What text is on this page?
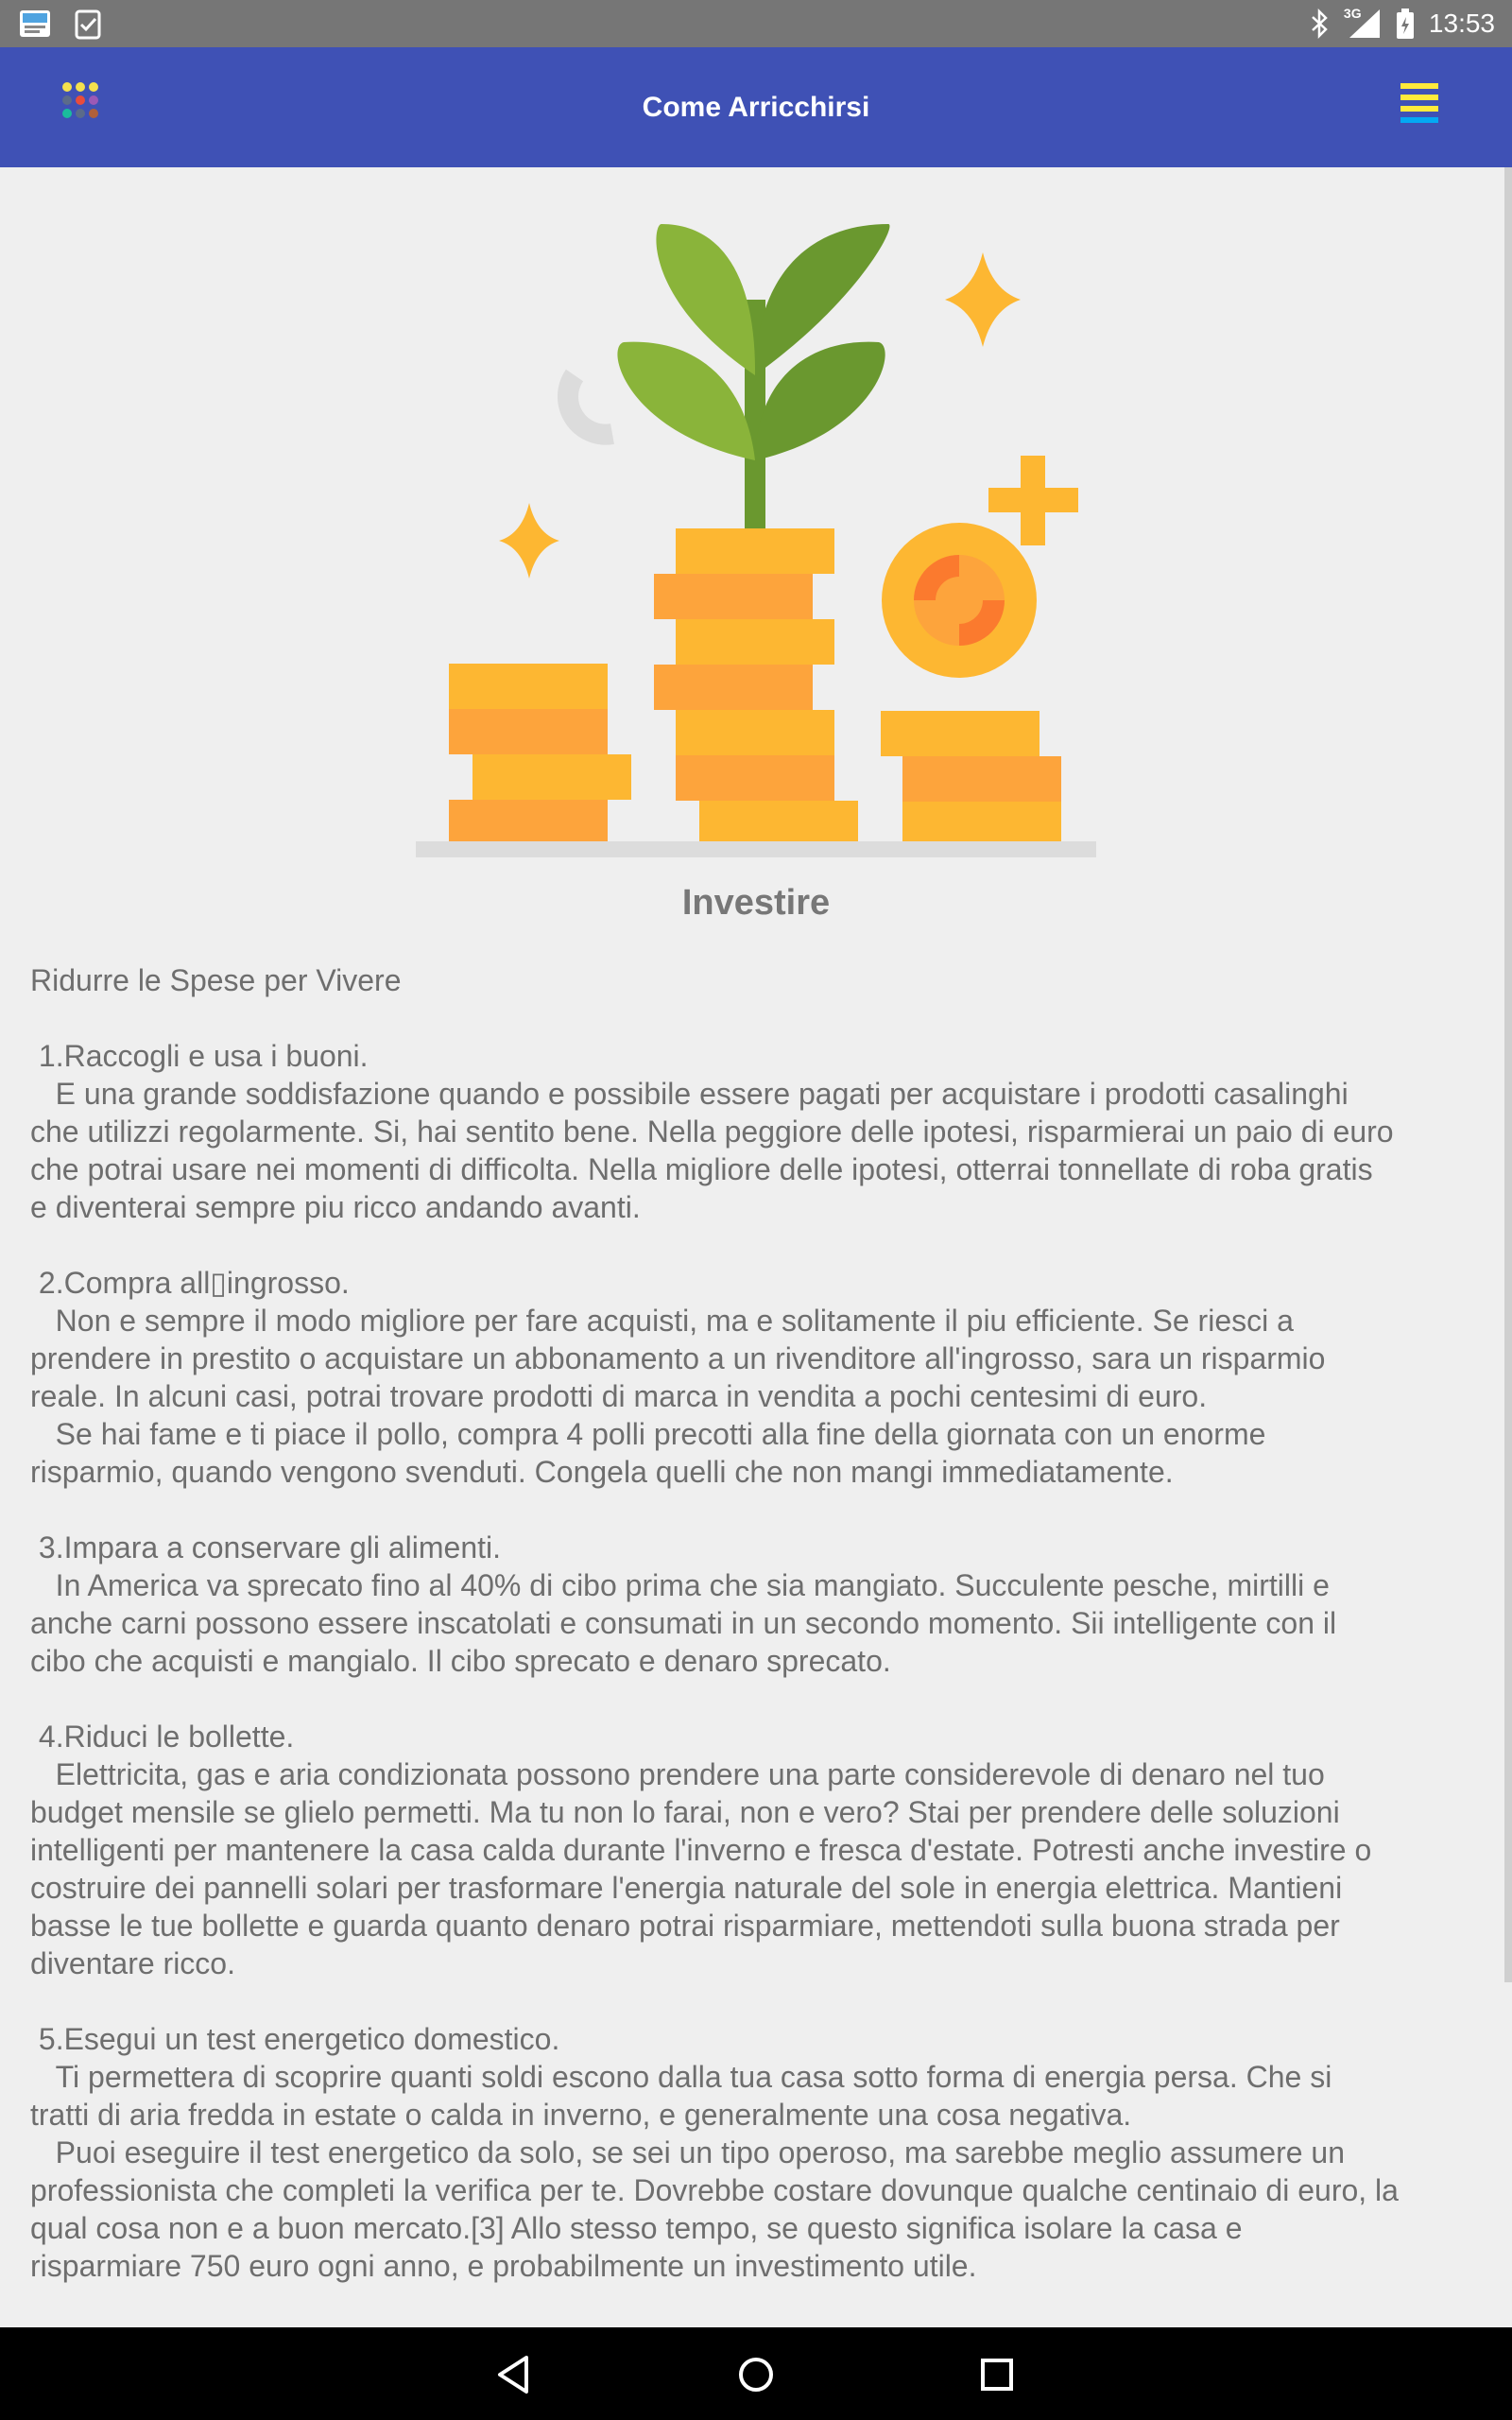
3G	13:53
Come Arricchirsi
Investire

Ridurre le Spese per Vivere

1.Raccogli e usa i buoni.
E una grande soddisfazione quando e possibile essere pagati per acquistare i prodotti casalinghi
che utilizzi regolarmente. Si, hai sentito bene. Nella peggiore delle ipotesi, risparmierai un paio di euro
che potrai usare nei momenti di difficolta. Nella migliore delle ipotesi, otterrai tonnellate di roba gratis
e diventerai sempre piu ricco andando avanti.

2.Compra all▯ingrosso.
Non e sempre il modo migliore per fare acquisti, ma e solitamente il piu efficiente. Se riesci a
prendere in prestito o acquistare un abbonamento a un rivenditore all'ingrosso, sara un risparmio
reale. In alcuni casi, potrai trovare prodotti di marca in vendita a pochi centesimi di euro.
Se hai fame e ti piace il pollo, compra 4 polli precotti alla fine della giornata con un enorme
risparmio, quando vengono svenduti. Congela quelli che non mangi immediatamente.

3.Impara a conservare gli alimenti.
In America va sprecato fino al 40% di cibo prima che sia mangiato. Succulente pesche, mirtilli e
anche carni possono essere inscatolati e consumati in un secondo momento. Sii intelligente con il
cibo che acquisti e mangialo. Il cibo sprecato e denaro sprecato.

4.Riduci le bollette.
Elettricita, gas e aria condizionata possono prendere una parte considerevole di denaro nel tuo
budget mensile se glielo permetti. Ma tu non lo farai, non e vero? Stai per prendere delle soluzioni
intelligenti per mantenere la casa calda durante l'inverno e fresca d'estate. Potresti anche investire o
costruire dei pannelli solari per trasformare l'energia naturale del sole in energia elettrica. Mantieni
basse le tue bollette e guarda quanto denaro potrai risparmiare, mettendoti sulla buona strada per
diventare ricco.

5.Esegui un test energetico domestico.
Ti permettera di scoprire quanti soldi escono dalla tua casa sotto forma di energia persa. Che si
tratti di aria fredda in estate o calda in inverno, e generalmente una cosa negativa.
Puoi eseguire il test energetico da solo, se sei un tipo operoso, ma sarebbe meglio assumere un
professionista che completi la verifica per te. Dovrebbe costare dovunque qualche centinaio di euro, la
qual cosa non e a buon mercato.[3] Allo stesso tempo, se questo significa isolare la casa e
risparmiare 750 euro ogni anno, e probabilmente un investimento utile.
